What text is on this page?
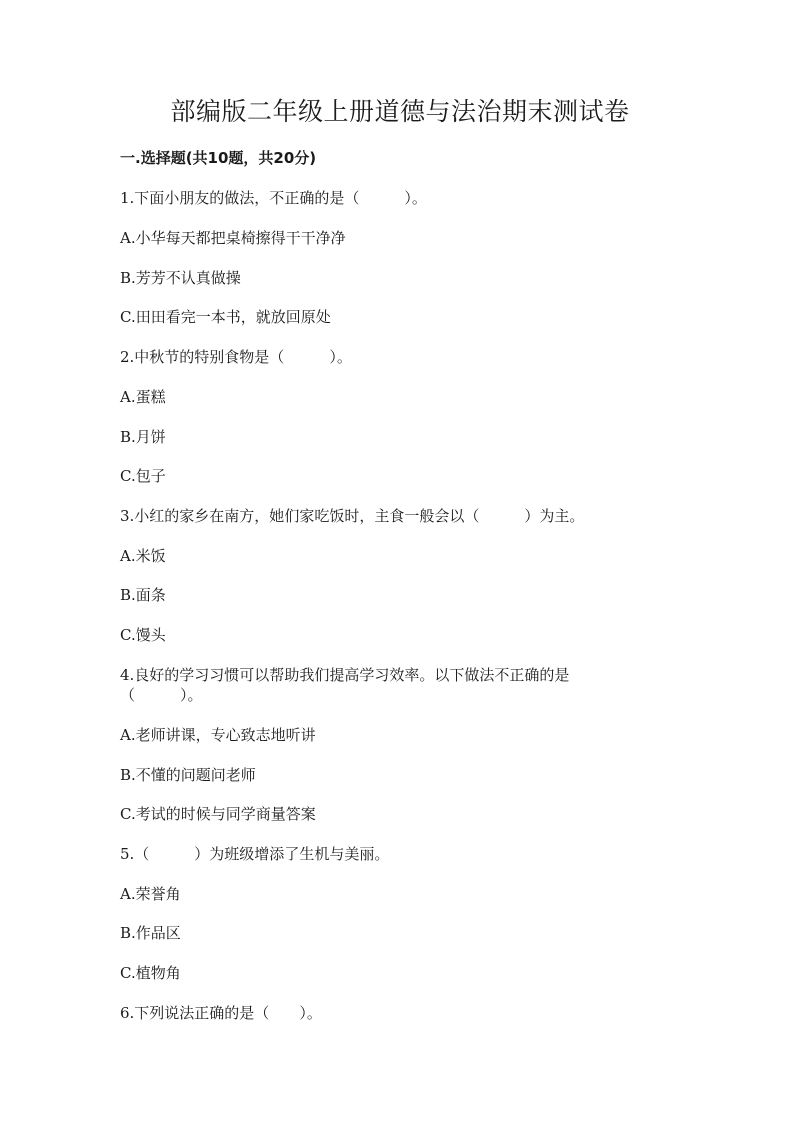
部编版二年级上册道德与法治期末测试卷
一.选择题(共10题，共20分)
1.下面小朋友的做法，不正确的是（　　　）。
A.小华每天都把桌椅擦得干干净净
B.芳芳不认真做操
C.田田看完一本书，就放回原处
2.中秋节的特别食物是（　　　）。
A.蛋糕
B.月饼
C.包子
3.小红的家乡在南方，她们家吃饭时，主食一般会以（　　　）为主。
A.米饭
B.面条
C.馒头
4.良好的学习习惯可以帮助我们提高学习效率。以下做法不正确的是
（　　　）。
A.老师讲课，专心致志地听讲
B.不懂的问题问老师
C.考试的时候与同学商量答案
5.（　　　）为班级增添了生机与美丽。
A.荣誉角
B.作品区
C.植物角
6.下列说法正确的是（　　）。
